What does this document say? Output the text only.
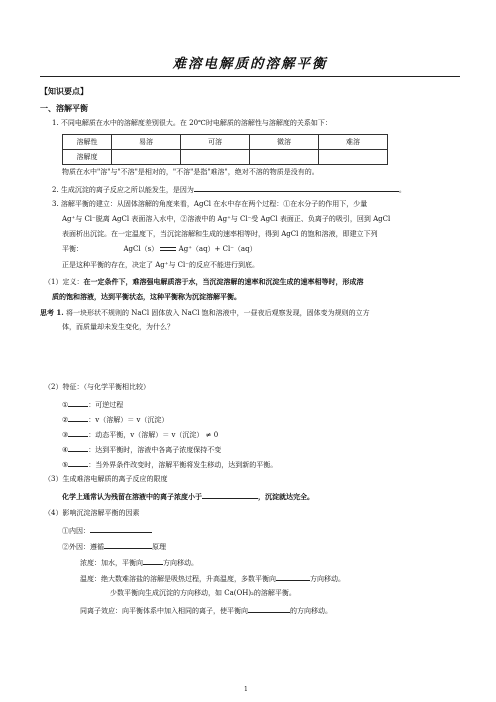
难溶电解质的溶解平衡
【知识要点】
一、溶解平衡
1. 不同电解质在水中的溶解度差别很大。在 20℃时电解质的溶解性与溶解度的关系如下：
溶解性	易溶	可溶	微溶	难溶
溶解度				
物质在水中"溶"与"不溶"是相对的，"不溶"是指"难溶"，绝对不溶的物质是没有的。
2. 生成沉淀的离子反应之所以能发生，是因为	。
3. 溶解平衡的建立：从固体溶解的角度来看，AgCl 在水中存在两个过程：①在水分子的作用下，少量
Ag⁺与 Cl⁻脱离 AgCl 表面溶入水中，②溶液中的 Ag⁺与 Cl⁻受 AgCl 表面正、负离子的吸引，回到 AgCl
表面析出沉淀。在一定温度下，当沉淀溶解和生成的速率相等时，得到 AgCl 的饱和溶液，即建立下列
平衡：	AgCl（s）	Ag⁺（aq）+ Cl⁻（aq）
正是这种平衡的存在，决定了 Ag⁺与 Cl⁻的反应不能进行到底。
（1）定义：在一定条件下，难溶强电解质溶于水，当沉淀溶解的速率和沉淀生成的速率相等时，形成溶
质的饱和溶液，达到平衡状态，这种平衡称为沉淀溶解平衡。
思考 1. 将一块形状不规则的 NaCl 固体放入 NaCl 饱和溶液中，一昼夜后观察发现，固体变为规则的立方
体，而质量却未发生变化，为什么？
（2）特征：（与化学平衡相比较）
①	：可逆过程
②	：v（溶解）＝ v（沉淀）
③	：动态平衡，v（溶解）＝ v（沉淀） ≠ 0
④	：达到平衡时，溶液中各离子浓度保持不变
⑤	：当外界条件改变时，溶解平衡将发生移动，达到新的平衡。
（3）生成难溶电解质的离子反应的限度
化学上通常认为残留在溶液中的离子浓度小于	，沉淀就达完全。
（4）影响沉淀溶解平衡的因素
①内因：
②外因：遵循	原理
浓度：加水，平衡向	方向移动。
温度：绝大数难溶盐的溶解是吸热过程，升高温度，多数平衡向	方向移动。
少数平衡向生成沉淀的方向移动，如 Ca(OH)₂的溶解平衡。
同离子效应：向平衡体系中加入相同的离子，使平衡向	的方向移动。
1
